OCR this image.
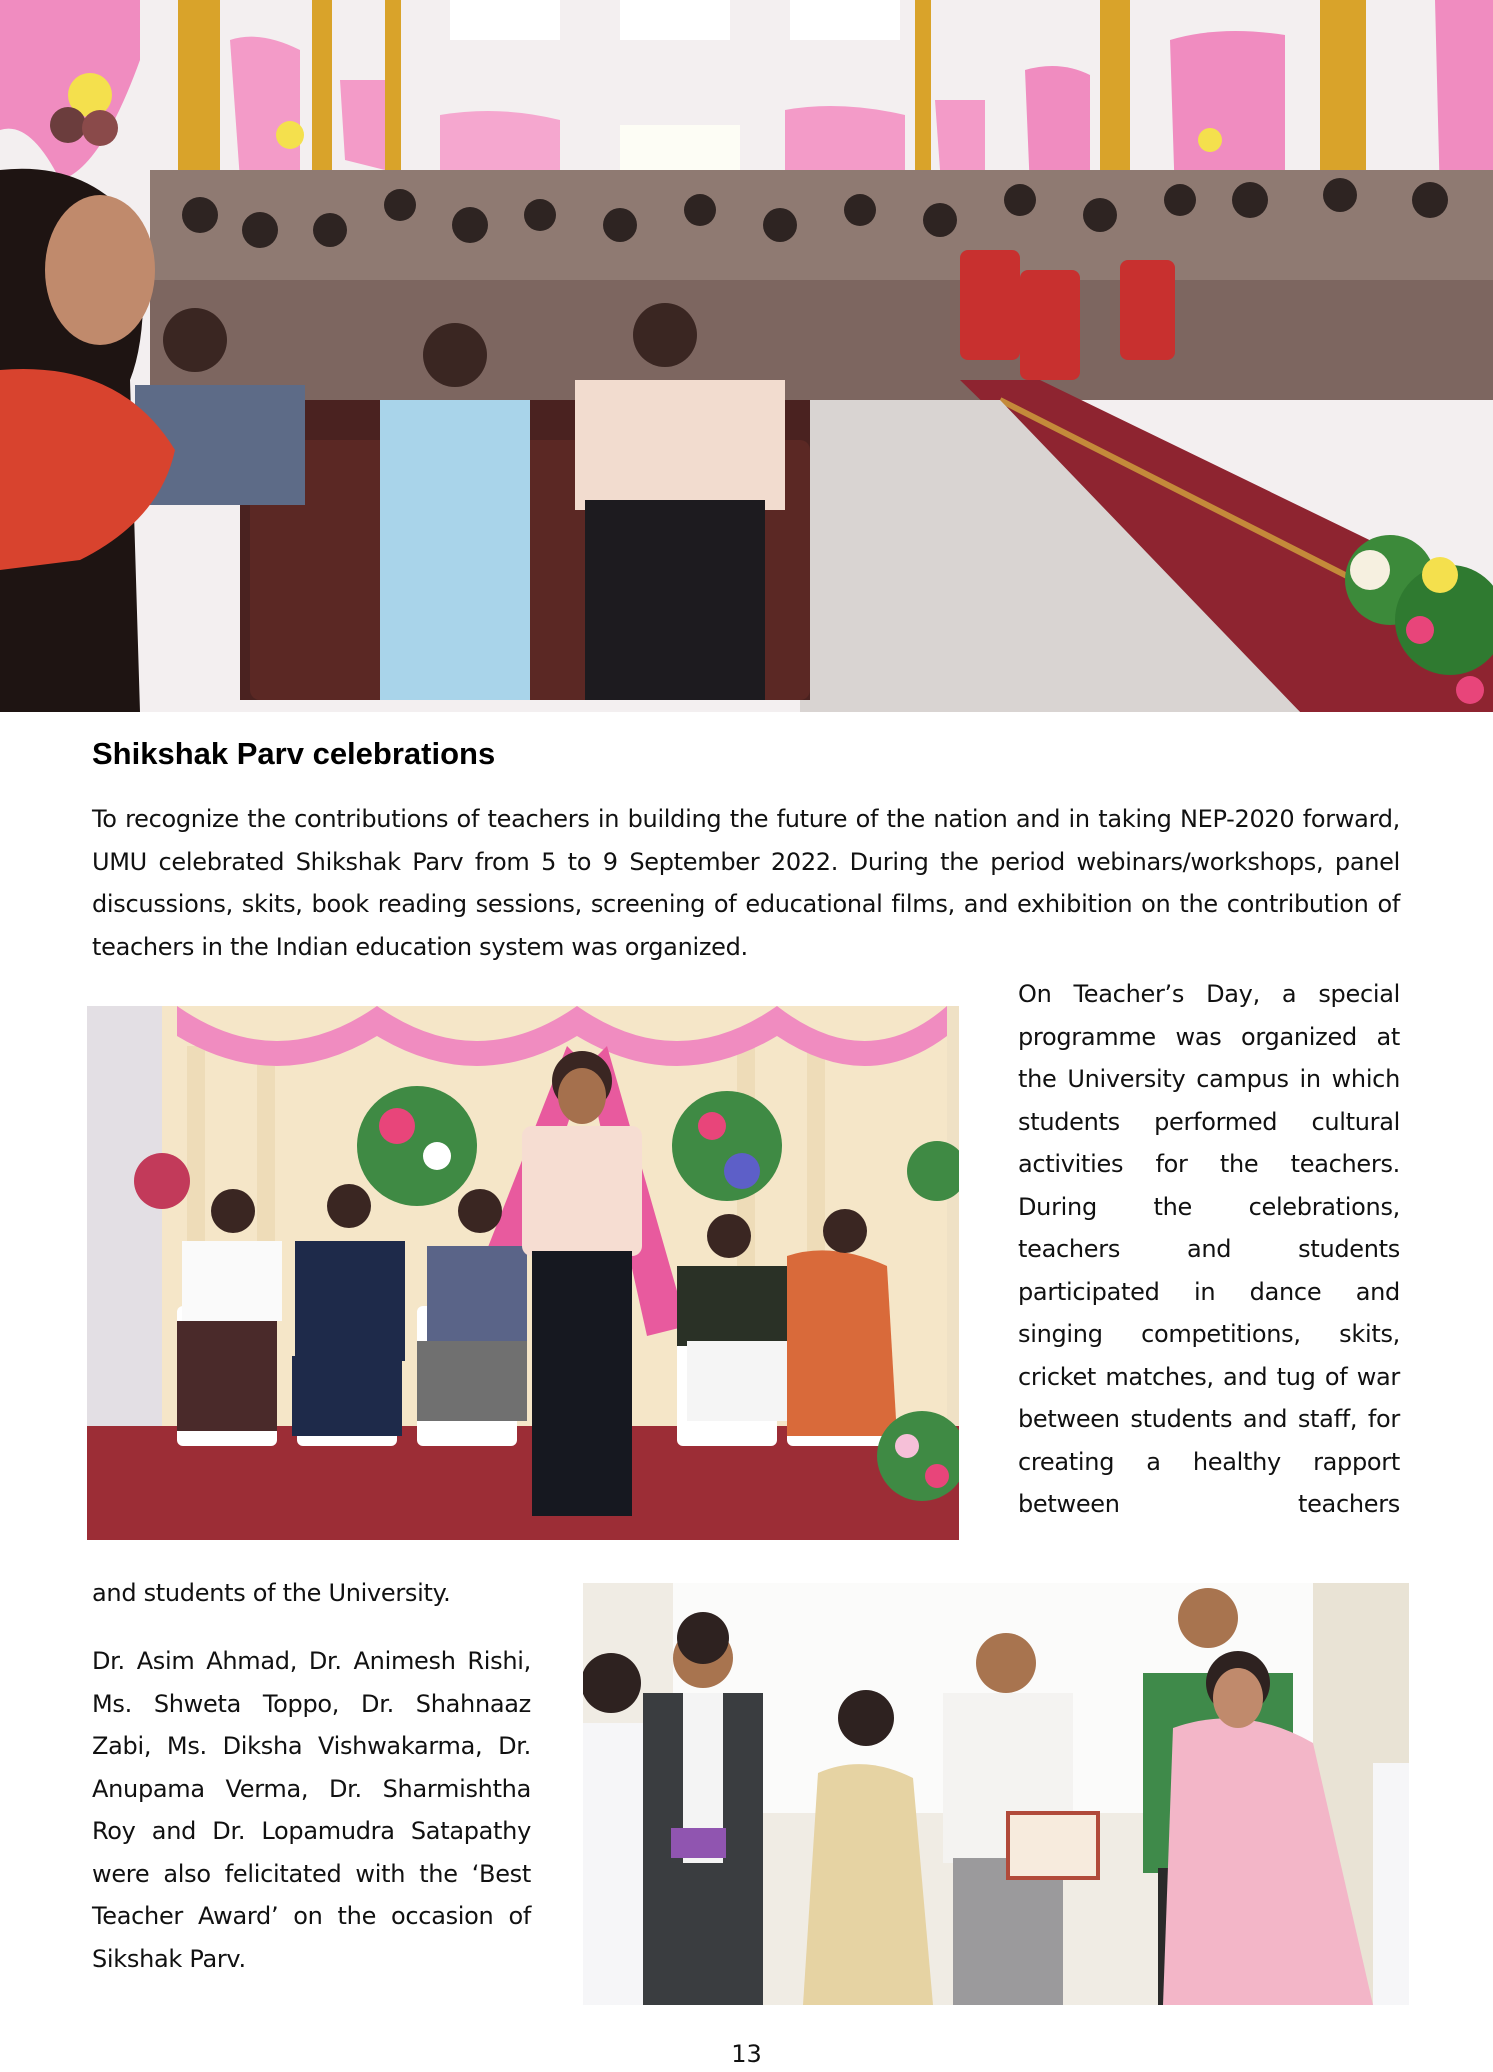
Shikshak Parv celebrations

To recognize the contributions of teachers in building the future of the nation and in taking NEP-2020 forward, UMU celebrated Shikshak Parv from 5 to 9 September 2022. During the period webinars/workshops, panel discussions, skits, book reading sessions, screening of educational films, and exhibition on the contribution of teachers in the Indian education system was organized.

On Teacher’s Day, a special programme was organized at the University campus in which students performed cultural activities for the teachers. During the celebrations, teachers and students participated in dance and singing competitions, skits, cricket matches, and tug of war between students and staff, for creating a healthy rapport between teachers

and students of the University.

Dr. Asim Ahmad, Dr. Animesh Rishi, Ms. Shweta Toppo, Dr. Shahnaaz Zabi, Ms. Diksha Vishwakarma, Dr. Anupama Verma, Dr. Sharmishtha Roy and Dr. Lopamudra Satapathy were also felicitated with the ‘Best Teacher Award’ on the occasion of Sikshak Parv.

13
